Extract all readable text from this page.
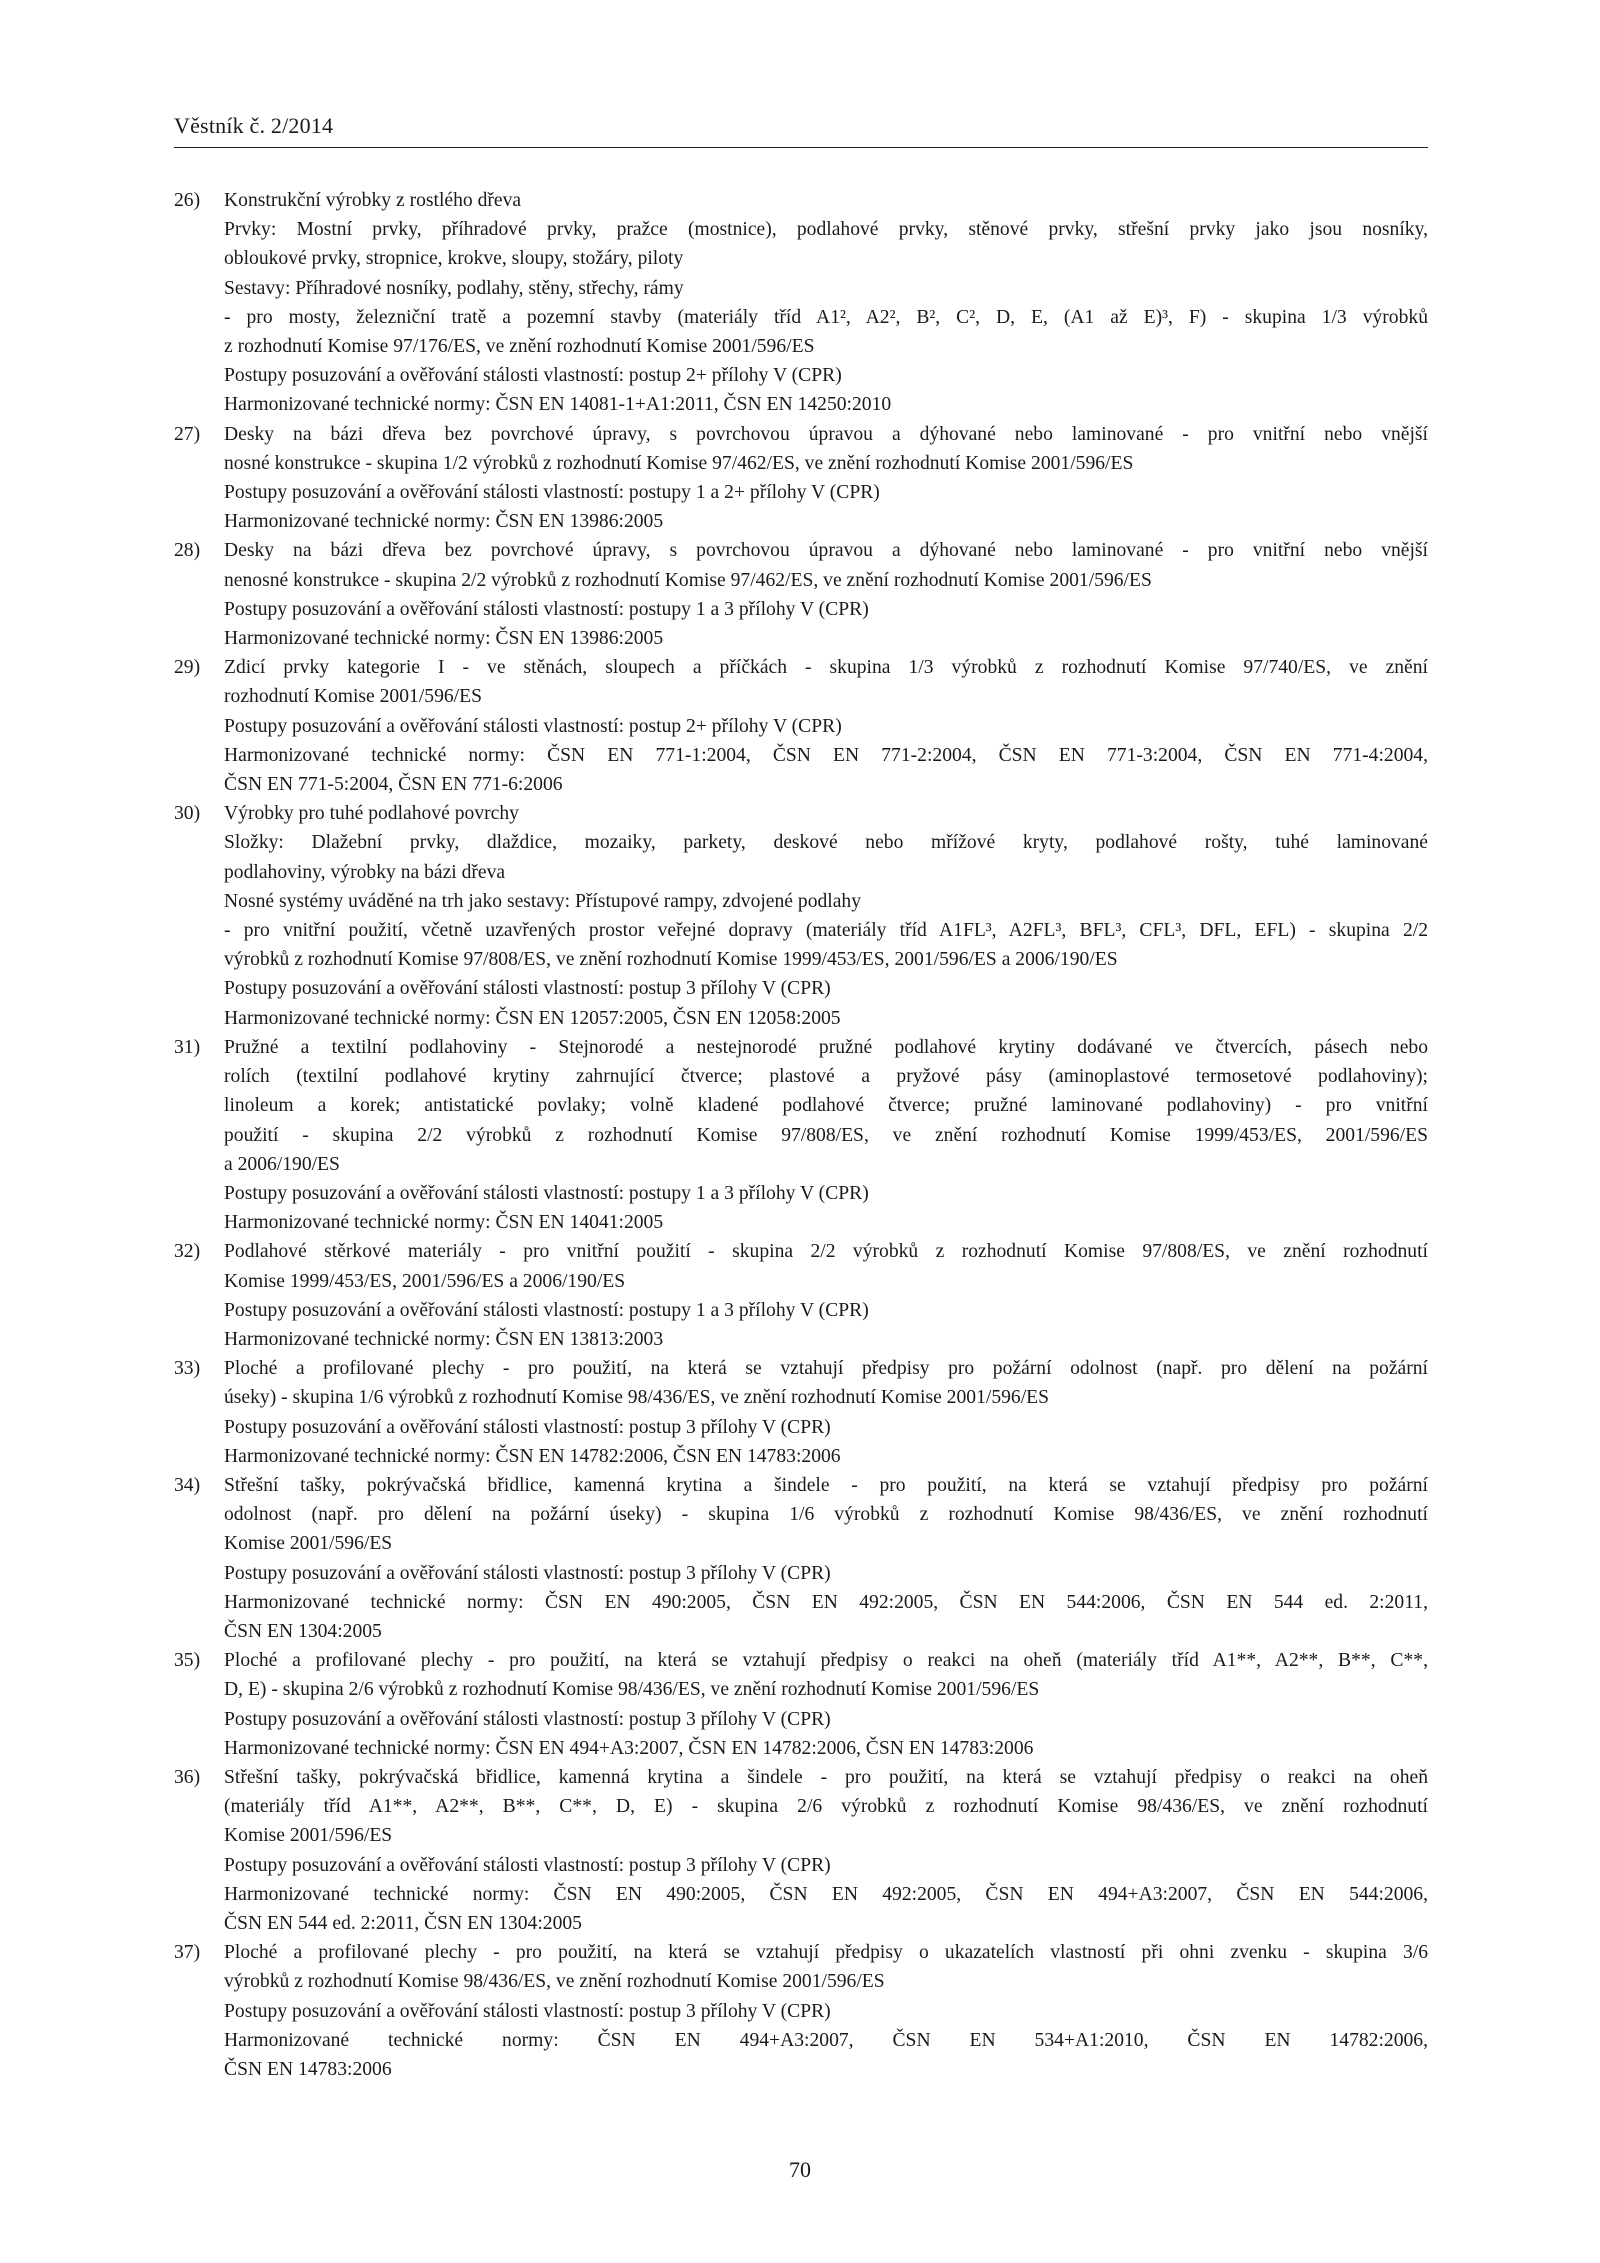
Věstník č. 2/2014
26)	Konstrukční výrobky z rostlého dřeva
Prvky: Mostní prvky, příhradové prvky, pražce (mostnice), podlahové prvky, stěnové prvky, střešní prvky jako jsou nosníky,
obloukové prvky, stropnice, krokve, sloupy, stožáry, piloty
Sestavy: Příhradové nosníky, podlahy, stěny, střechy, rámy
- pro mosty, železniční tratě a pozemní stavby (materiály tříd A1², A2², B², C², D, E, (A1 až E)³, F) - skupina 1/3 výrobků
z rozhodnutí Komise 97/176/ES, ve znění rozhodnutí Komise 2001/596/ES
Postupy posuzování a ověřování stálosti vlastností: postup 2+ přílohy V (CPR)
Harmonizované technické normy: ČSN EN 14081-1+A1:2011, ČSN EN 14250:2010
27)	Desky na bázi dřeva bez povrchové úpravy, s povrchovou úpravou a dýhované nebo laminované - pro vnitřní nebo vnější
nosné konstrukce - skupina 1/2 výrobků z rozhodnutí Komise 97/462/ES, ve znění rozhodnutí Komise 2001/596/ES
Postupy posuzování a ověřování stálosti vlastností: postupy 1 a 2+ přílohy V (CPR)
Harmonizované technické normy: ČSN EN 13986:2005
28)	Desky na bázi dřeva bez povrchové úpravy, s povrchovou úpravou a dýhované nebo laminované - pro vnitřní nebo vnější
nenosné konstrukce - skupina 2/2 výrobků z rozhodnutí Komise 97/462/ES, ve znění rozhodnutí Komise 2001/596/ES
Postupy posuzování a ověřování stálosti vlastností: postupy 1 a 3 přílohy V (CPR)
Harmonizované technické normy: ČSN EN 13986:2005
29)	Zdicí prvky kategorie I - ve stěnách, sloupech a příčkách - skupina 1/3 výrobků z rozhodnutí Komise 97/740/ES, ve znění
rozhodnutí Komise 2001/596/ES
Postupy posuzování a ověřování stálosti vlastností: postup 2+ přílohy V (CPR)
Harmonizované technické normy: ČSN EN 771-1:2004, ČSN EN 771-2:2004, ČSN EN 771-3:2004, ČSN EN 771-4:2004,
ČSN EN 771-5:2004, ČSN EN 771-6:2006
30)	Výrobky pro tuhé podlahové povrchy
Složky: Dlažební prvky, dlaždice, mozaiky, parkety, deskové nebo mřížové kryty, podlahové rošty, tuhé laminované
podlahoviny, výrobky na bázi dřeva
Nosné systémy uváděné na trh jako sestavy: Přístupové rampy, zdvojené podlahy
- pro vnitřní použití, včetně uzavřených prostor veřejné dopravy (materiály tříd A1FL³, A2FL³, BFL³, CFL³, DFL, EFL) - skupina 2/2
výrobků z rozhodnutí Komise 97/808/ES, ve znění rozhodnutí Komise 1999/453/ES, 2001/596/ES a 2006/190/ES
Postupy posuzování a ověřování stálosti vlastností: postup 3 přílohy V (CPR)
Harmonizované technické normy: ČSN EN 12057:2005, ČSN EN 12058:2005
31)	Pružné a textilní podlahoviny - Stejnorodé a nestejnorodé pružné podlahové krytiny dodávané ve čtvercích, pásech nebo
rolích (textilní podlahové krytiny zahrnující čtverce; plastové a pryžové pásy (aminoplastové termosetové podlahoviny);
linoleum a korek; antistatické povlaky; volně kladené podlahové čtverce; pružné laminované podlahoviny) - pro vnitřní
použití - skupina 2/2 výrobků z rozhodnutí Komise 97/808/ES, ve znění rozhodnutí Komise 1999/453/ES, 2001/596/ES
a 2006/190/ES
Postupy posuzování a ověřování stálosti vlastností: postupy 1 a 3 přílohy V (CPR)
Harmonizované technické normy: ČSN EN 14041:2005
32)	Podlahové stěrkové materiály - pro vnitřní použití - skupina 2/2 výrobků z rozhodnutí Komise 97/808/ES, ve znění rozhodnutí
Komise 1999/453/ES, 2001/596/ES a 2006/190/ES
Postupy posuzování a ověřování stálosti vlastností: postupy 1 a 3 přílohy V (CPR)
Harmonizované technické normy: ČSN EN 13813:2003
33)	Ploché a profilované plechy - pro použití, na která se vztahují předpisy pro požární odolnost (např. pro dělení na požární
úseky) - skupina 1/6 výrobků z rozhodnutí Komise 98/436/ES, ve znění rozhodnutí Komise 2001/596/ES
Postupy posuzování a ověřování stálosti vlastností: postup 3 přílohy V (CPR)
Harmonizované technické normy: ČSN EN 14782:2006, ČSN EN 14783:2006
34)	Střešní tašky, pokrývačská břidlice, kamenná krytina a šindele - pro použití, na která se vztahují předpisy pro požární
odolnost (např. pro dělení na požární úseky) - skupina 1/6 výrobků z rozhodnutí Komise 98/436/ES, ve znění rozhodnutí
Komise 2001/596/ES
Postupy posuzování a ověřování stálosti vlastností: postup 3 přílohy V (CPR)
Harmonizované technické normy: ČSN EN 490:2005, ČSN EN 492:2005, ČSN EN 544:2006, ČSN EN 544 ed. 2:2011,
ČSN EN 1304:2005
35)	Ploché a profilované plechy - pro použití, na která se vztahují předpisy o reakci na oheň (materiály tříd A1**, A2**, B**, C**,
D, E) - skupina 2/6 výrobků z rozhodnutí Komise 98/436/ES, ve znění rozhodnutí Komise 2001/596/ES
Postupy posuzování a ověřování stálosti vlastností: postup 3 přílohy V (CPR)
Harmonizované technické normy: ČSN EN 494+A3:2007, ČSN EN 14782:2006, ČSN EN 14783:2006
36)	Střešní tašky, pokrývačská břidlice, kamenná krytina a šindele - pro použití, na která se vztahují předpisy o reakci na oheň
(materiály tříd A1**, A2**, B**, C**, D, E) - skupina 2/6 výrobků z rozhodnutí Komise 98/436/ES, ve znění rozhodnutí
Komise 2001/596/ES
Postupy posuzování a ověřování stálosti vlastností: postup 3 přílohy V (CPR)
Harmonizované technické normy: ČSN EN 490:2005, ČSN EN 492:2005, ČSN EN 494+A3:2007, ČSN EN 544:2006,
ČSN EN 544 ed. 2:2011, ČSN EN 1304:2005
37)	Ploché a profilované plechy - pro použití, na která se vztahují předpisy o ukazatelích vlastností při ohni zvenku - skupina 3/6
výrobků z rozhodnutí Komise 98/436/ES, ve znění rozhodnutí Komise 2001/596/ES
Postupy posuzování a ověřování stálosti vlastností: postup 3 přílohy V (CPR)
Harmonizované technické normy: ČSN EN 494+A3:2007, ČSN EN 534+A1:2010, ČSN EN 14782:2006,
ČSN EN 14783:2006
70
